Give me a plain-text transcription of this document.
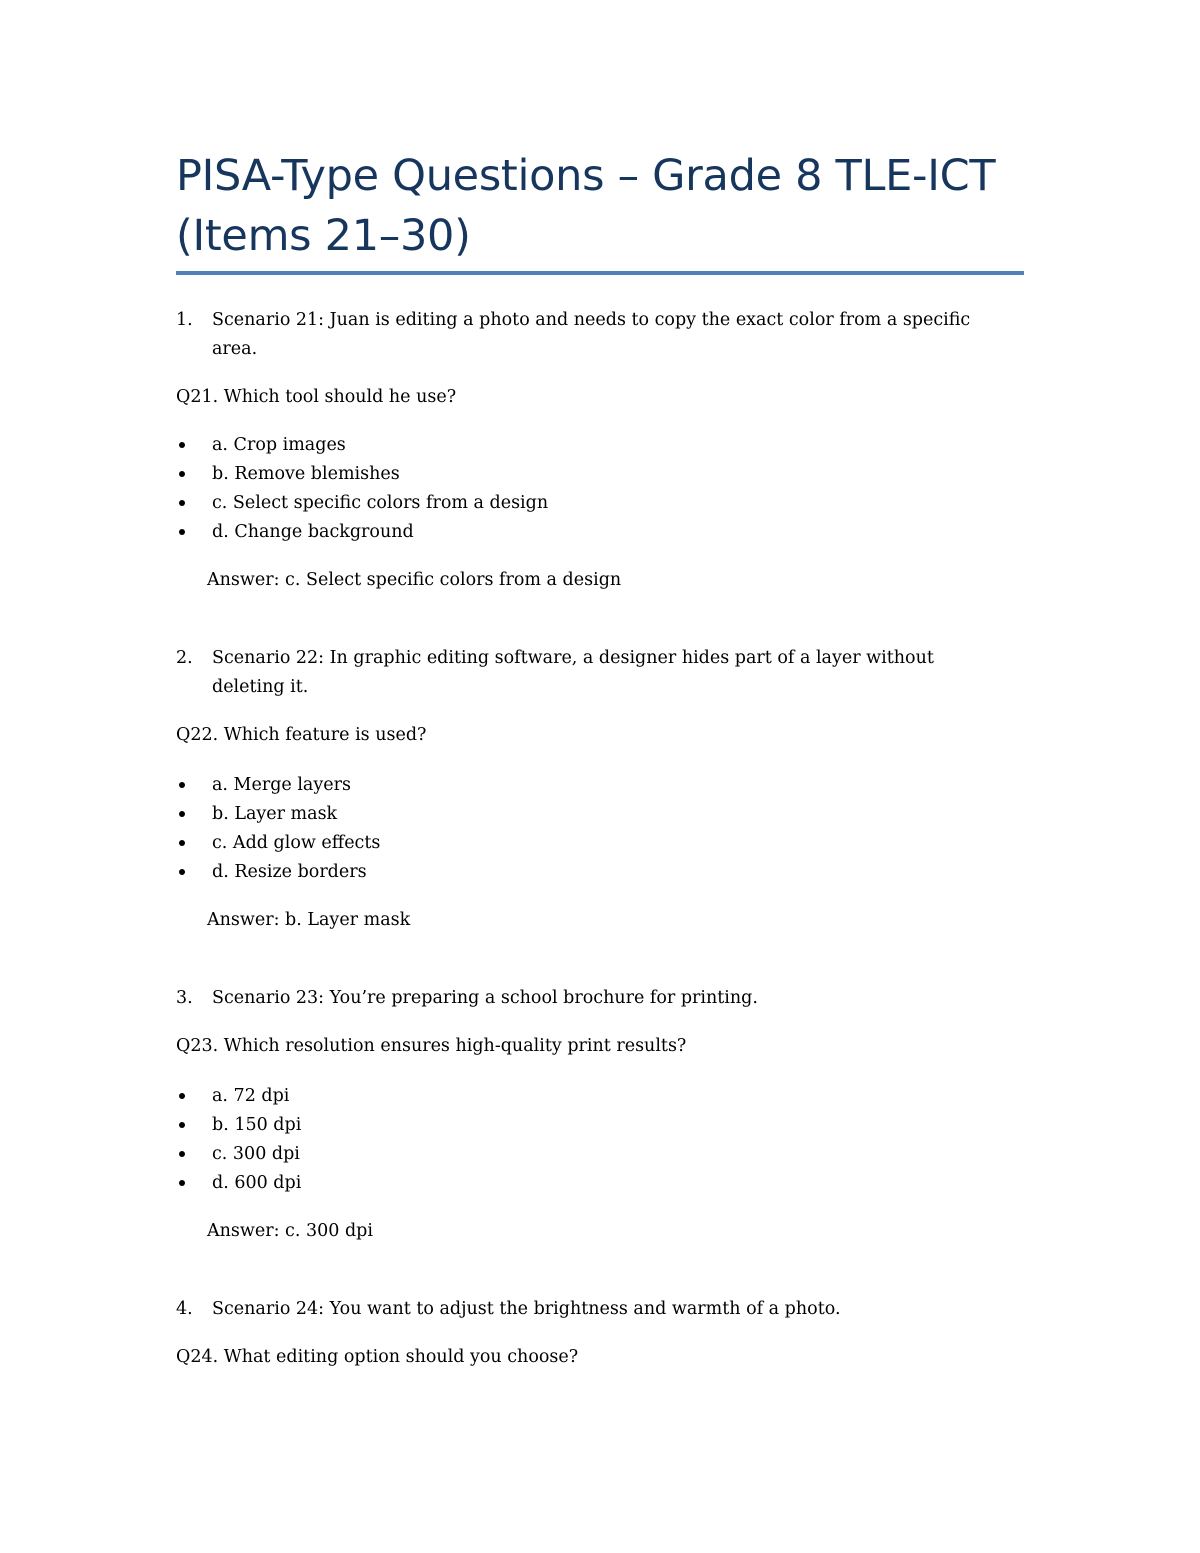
PISA-Type Questions – Grade 8 TLE-ICT (Items 21–30)
1. Scenario 21: Juan is editing a photo and needs to copy the exact color from a specific
area.
Q21. Which tool should he use?
a. Crop images
b. Remove blemishes
c. Select specific colors from a design
d. Change background
Answer: c. Select specific colors from a design
2. Scenario 22: In graphic editing software, a designer hides part of a layer without
deleting it.
Q22. Which feature is used?
a. Merge layers
b. Layer mask
c. Add glow effects
d. Resize borders
Answer: b. Layer mask
3. Scenario 23: You’re preparing a school brochure for printing.
Q23. Which resolution ensures high-quality print results?
a. 72 dpi
b. 150 dpi
c. 300 dpi
d. 600 dpi
Answer: c. 300 dpi
4. Scenario 24: You want to adjust the brightness and warmth of a photo.
Q24. What editing option should you choose?
